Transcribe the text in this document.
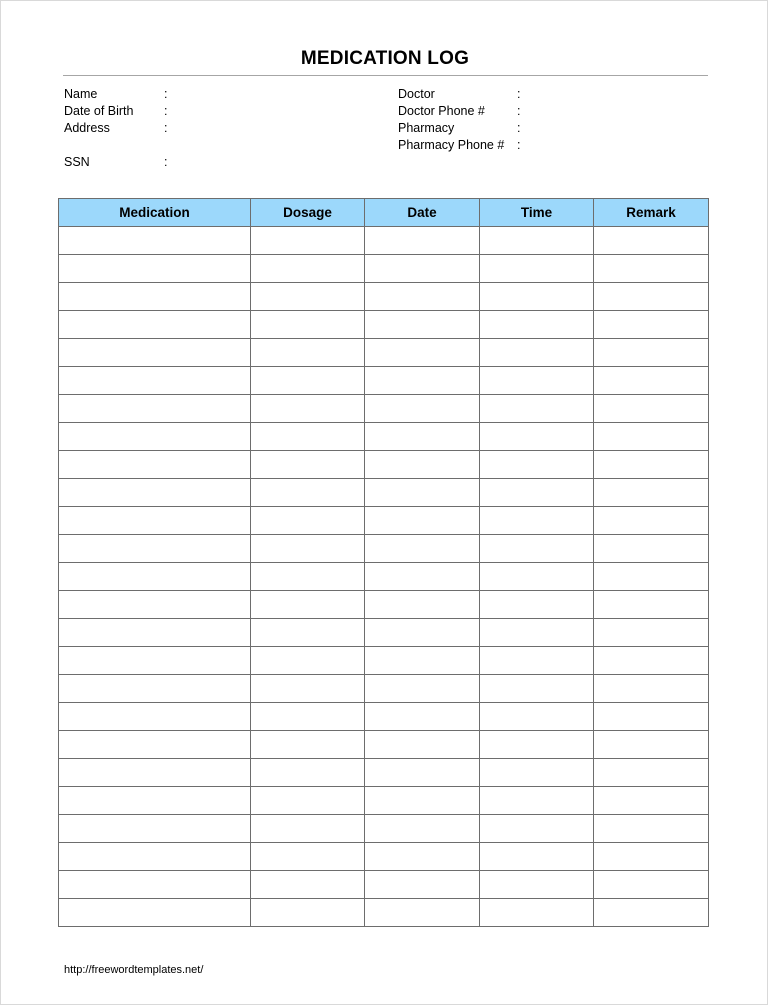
MEDICATION LOG
Name	:
Date of Birth :
Address	:
SSN	:
Doctor	:
Doctor Phone #	:
Pharmacy	:
Pharmacy Phone # :
Medication	Dosage	Date	Time	Remark

http://freewordtemplates.net/
